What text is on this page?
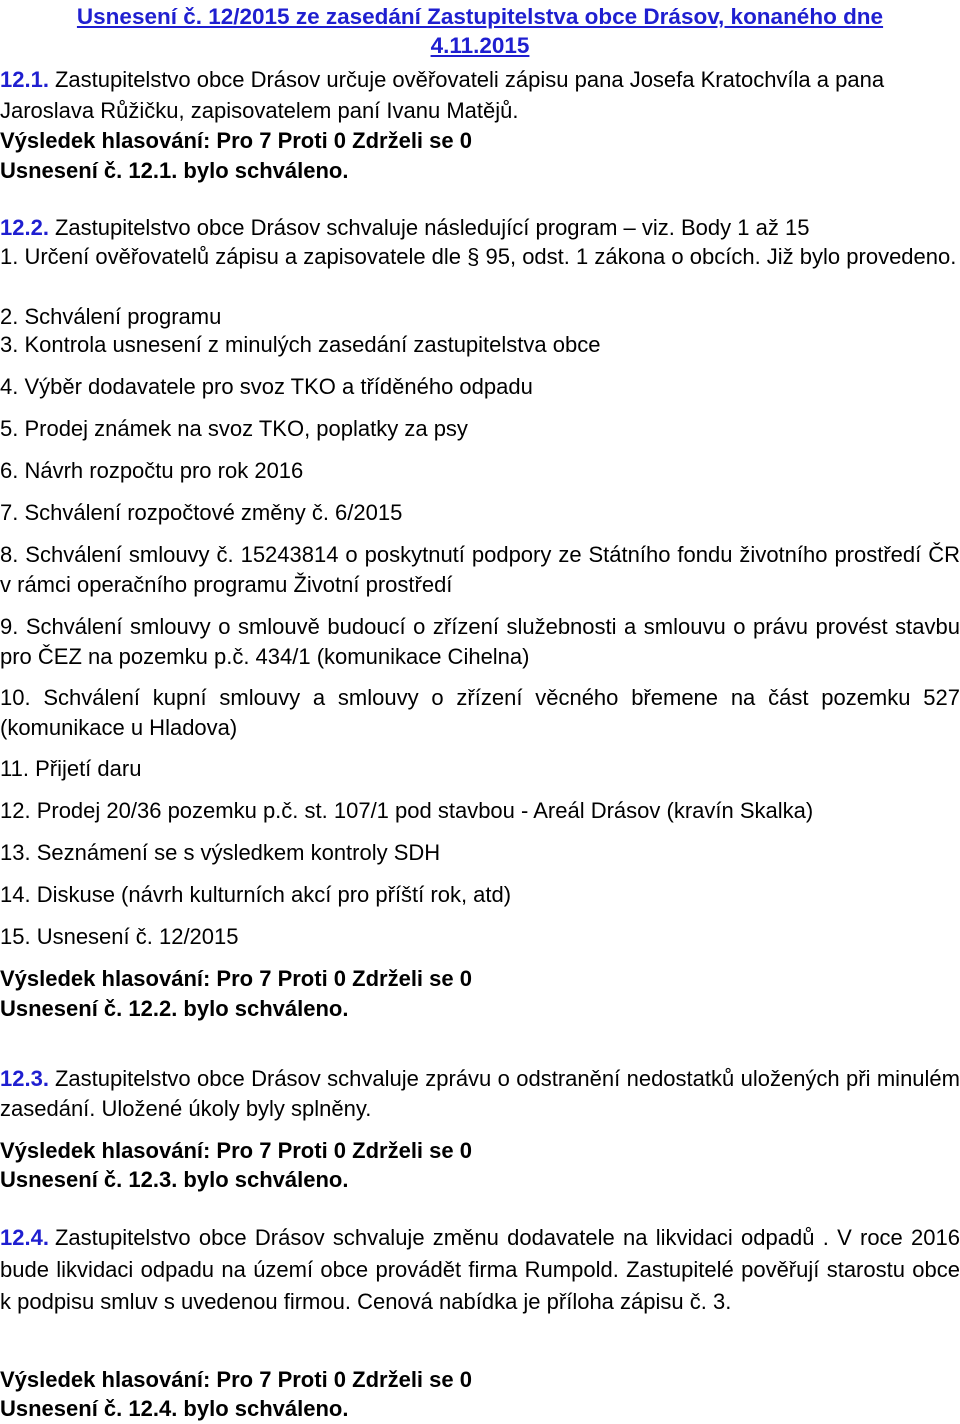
Usnesení č. 12/2015 ze zasedání Zastupitelstva obce Drásov, konaného dne
4.11.2015
12.1. Zastupitelstvo obce Drásov určuje ověřovateli zápisu pana Josefa Kratochvíla a pana Jaroslava Růžičku, zapisovatelem paní Ivanu Matějů.
Výsledek hlasování: Pro 7 Proti 0 Zdrželi se 0
Usnesení č. 12.1. bylo schváleno.
12.2. Zastupitelstvo obce Drásov schvaluje následující program – viz. Body 1 až 15
1. Určení ověřovatelů zápisu a zapisovatele dle § 95, odst. 1 zákona o obcích. Již bylo provedeno.
2. Schválení programu
3. Kontrola usnesení z minulých zasedání zastupitelstva obce
4. Výběr dodavatele pro svoz TKO a tříděného odpadu
5. Prodej známek na svoz TKO, poplatky za psy
6. Návrh rozpočtu pro rok 2016
7. Schválení rozpočtové změny č. 6/2015
8. Schválení smlouvy č. 15243814 o poskytnutí podpory ze Státního fondu životního prostředí ČR v rámci operačního programu Životní prostředí
9. Schválení smlouvy o smlouvě budoucí o zřízení služebnosti a smlouvu o právu provést stavbu pro ČEZ na pozemku p.č. 434/1 (komunikace Cihelna)
10. Schválení kupní smlouvy a smlouvy o zřízení věcného břemene na část pozemku 527 (komunikace u Hladova)
11. Přijetí daru
12. Prodej 20/36 pozemku p.č. st. 107/1 pod stavbou - Areál Drásov (kravín Skalka)
13. Seznámení se s výsledkem kontroly SDH
14. Diskuse (návrh kulturních akcí pro příští rok, atd)
15. Usnesení č. 12/2015
Výsledek hlasování: Pro 7 Proti 0 Zdrželi se 0
Usnesení č. 12.2. bylo schváleno.
12.3. Zastupitelstvo obce Drásov schvaluje zprávu o odstranění nedostatků uložených při minulém zasedání. Uložené úkoly byly splněny.
Výsledek hlasování: Pro 7 Proti 0 Zdrželi se 0
Usnesení č. 12.3. bylo schváleno.
12.4. Zastupitelstvo obce Drásov schvaluje změnu dodavatele na likvidaci odpadů . V roce 2016 bude likvidaci odpadu na území obce provádět firma Rumpold. Zastupitelé pověřují starostu obce k podpisu smluv s uvedenou firmou. Cenová nabídka je příloha zápisu č. 3.
Výsledek hlasování: Pro 7 Proti 0 Zdrželi se 0
Usnesení č. 12.4. bylo schváleno.
